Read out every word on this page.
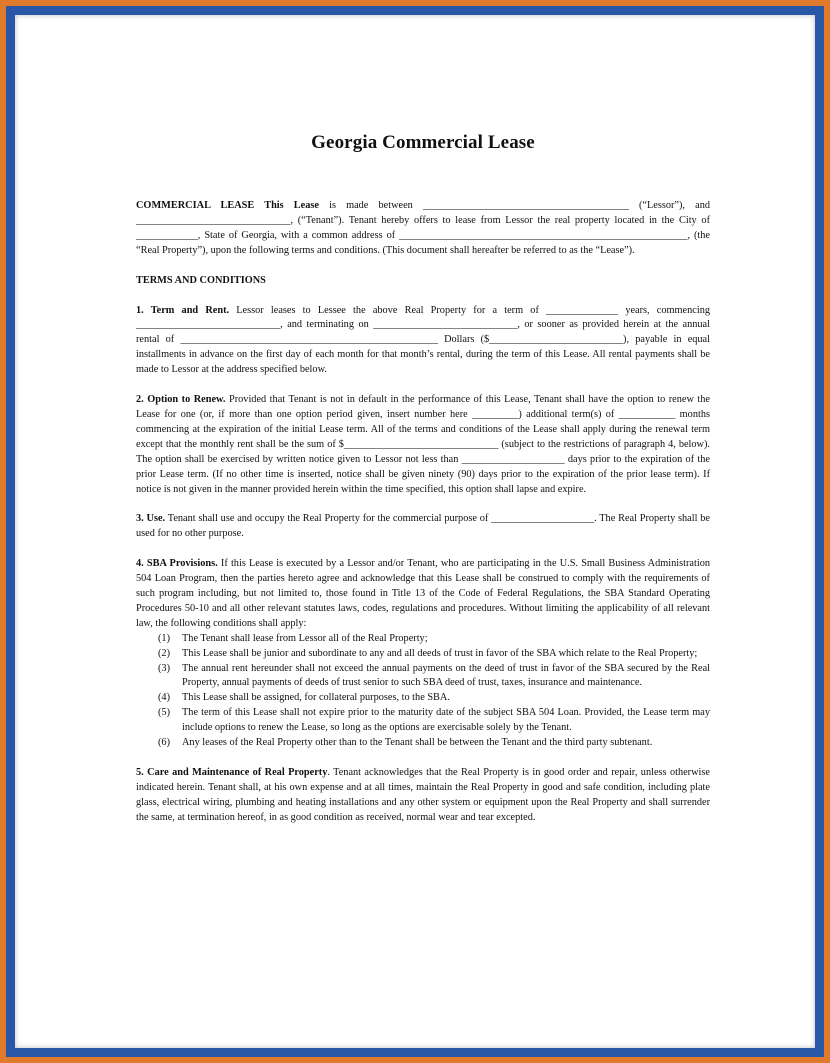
Georgia Commercial Lease

COMMERCIAL LEASE This Lease is made between ________________________________________ (“Lessor”), and ______________________________, (“Tenant”). Tenant hereby offers to lease from Lessor the real property located in the City of ____________, State of Georgia, with a common address of ________________________________________________________, (the “Real Property”), upon the following terms and conditions. (This document shall hereafter be referred to as the “Lease”).

TERMS AND CONDITIONS

1. Term and Rent. Lessor leases to Lessee the above Real Property for a term of ______________ years, commencing ____________________________, and terminating on ____________________________, or sooner as provided herein at the annual rental of __________________________________________________ Dollars ($__________________________), payable in equal installments in advance on the first day of each month for that month’s rental, during the term of this Lease. All rental payments shall be made to Lessor at the address specified below.

2. Option to Renew. Provided that Tenant is not in default in the performance of this Lease, Tenant shall have the option to renew the Lease for one (or, if more than one option period given, insert number here _________) additional term(s) of ___________ months commencing at the expiration of the initial Lease term. All of the terms and conditions of the Lease shall apply during the renewal term except that the monthly rent shall be the sum of $______________________________ (subject to the restrictions of paragraph 4, below). The option shall be exercised by written notice given to Lessor not less than ____________________ days prior to the expiration of the prior Lease term. (If no other time is inserted, notice shall be given ninety (90) days prior to the expiration of the prior lease term). If notice is not given in the manner provided herein within the time specified, this option shall lapse and expire.

3. Use. Tenant shall use and occupy the Real Property for the commercial purpose of ____________________. The Real Property shall be used for no other purpose.

4. SBA Provisions. If this Lease is executed by a Lessor and/or Tenant, who are participating in the U.S. Small Business Administration 504 Loan Program, then the parties hereto agree and acknowledge that this Lease shall be construed to comply with the requirements of such program including, but not limited to, those found in Title 13 of the Code of Federal Regulations, the SBA Standard Operating Procedures 50-10 and all other relevant statutes laws, codes, regulations and procedures. Without limiting the applicability of all relevant law, the following conditions shall apply:

(1) The Tenant shall lease from Lessor all of the Real Property;
(2) This Lease shall be junior and subordinate to any and all deeds of trust in favor of the SBA which relate to the Real Property;
(3) The annual rent hereunder shall not exceed the annual payments on the deed of trust in favor of the SBA secured by the Real Property, annual payments of deeds of trust senior to such SBA deed of trust, taxes, insurance and maintenance.
(4) This Lease shall be assigned, for collateral purposes, to the SBA.
(5) The term of this Lease shall not expire prior to the maturity date of the subject SBA 504 Loan. Provided, the Lease term may include options to renew the Lease, so long as the options are exercisable solely by the Tenant.
(6) Any leases of the Real Property other than to the Tenant shall be between the Tenant and the third party subtenant.

5. Care and Maintenance of Real Property. Tenant acknowledges that the Real Property is in good order and repair, unless otherwise indicated herein. Tenant shall, at his own expense and at all times, maintain the Real Property in good and safe condition, including plate glass, electrical wiring, plumbing and heating installations and any other system or equipment upon the Real Property and shall surrender the same, at termination hereof, in as good condition as received, normal wear and tear excepted.
